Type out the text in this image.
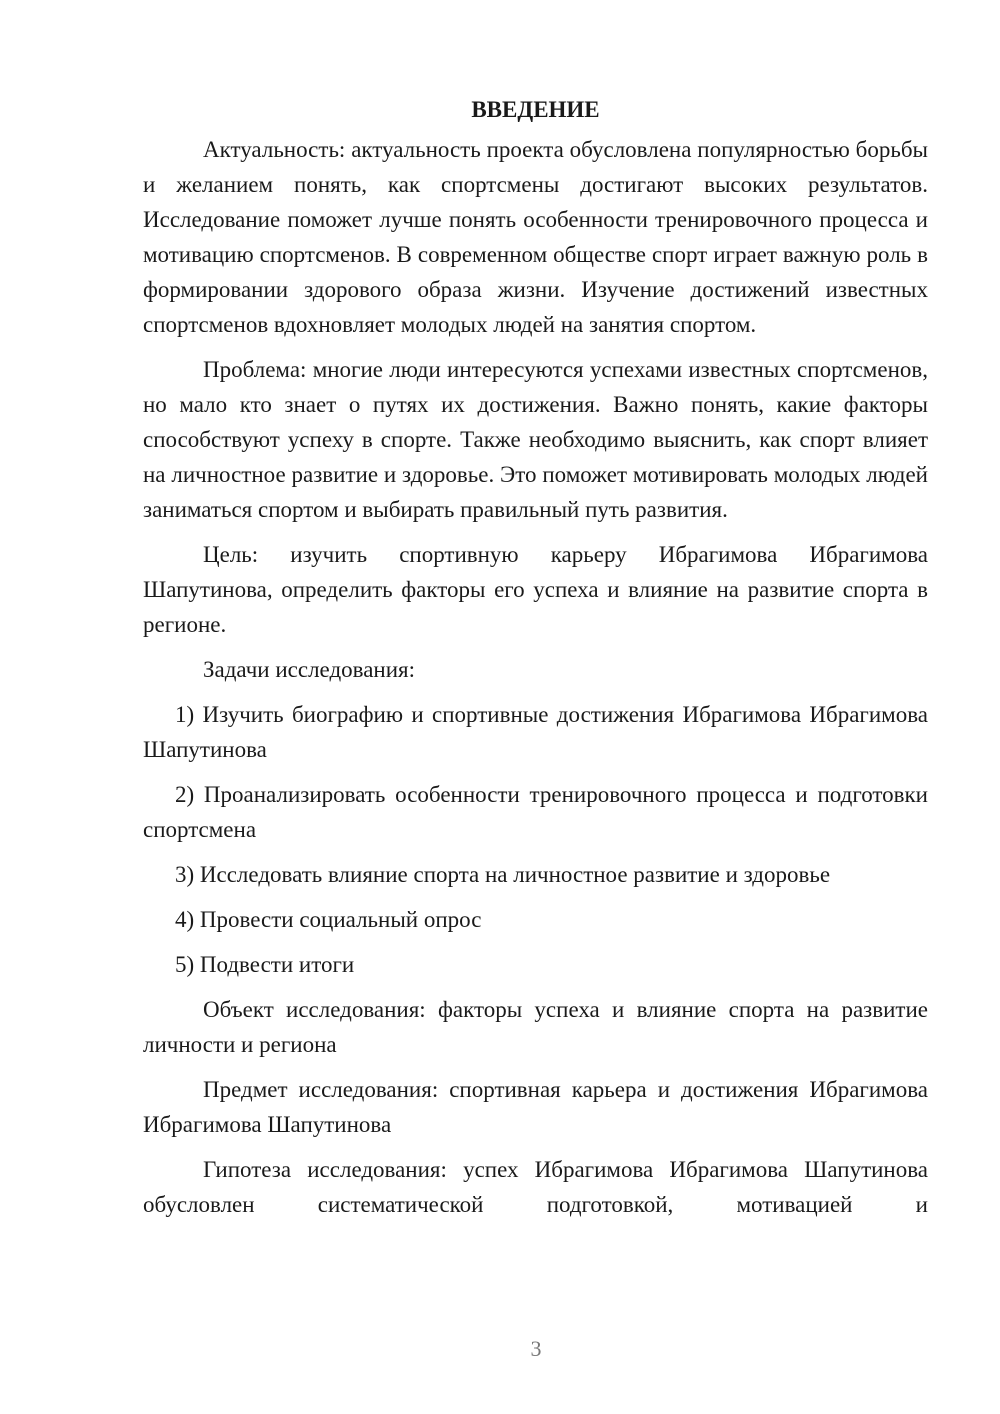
ВВЕДЕНИЕ

Актуальность: актуальность проекта обусловлена популярностью борьбы и желанием понять, как спортсмены достигают высоких результатов. Исследование поможет лучше понять особенности тренировочного процесса и мотивацию спортсменов. В современном обществе спорт играет важную роль в формировании здорового образа жизни. Изучение достижений известных спортсменов вдохновляет молодых людей на занятия спортом.

Проблема: многие люди интересуются успехами известных спортсменов, но мало кто знает о путях их достижения. Важно понять, какие факторы способствуют успеху в спорте. Также необходимо выяснить, как спорт влияет на личностное развитие и здоровье. Это поможет мотивировать молодых людей заниматься спортом и выбирать правильный путь развития.

Цель: изучить спортивную карьеру Ибрагимова Ибрагимова Шапутинова, определить факторы его успеха и влияние на развитие спорта в регионе.

Задачи исследования:

1) Изучить биографию и спортивные достижения Ибрагимова Ибрагимова Шапутинова

2) Проанализировать особенности тренировочного процесса и подготовки спортсмена

3) Исследовать влияние спорта на личностное развитие и здоровье

4) Провести социальный опрос

5) Подвести итоги

Объект исследования: факторы успеха и влияние спорта на развитие личности и региона

Предмет исследования: спортивная карьера и достижения Ибрагимова Ибрагимова Шапутинова

Гипотеза исследования: успех Ибрагимова Ибрагимова Шапутинова обусловлен систематической подготовкой, мотивацией и

3
